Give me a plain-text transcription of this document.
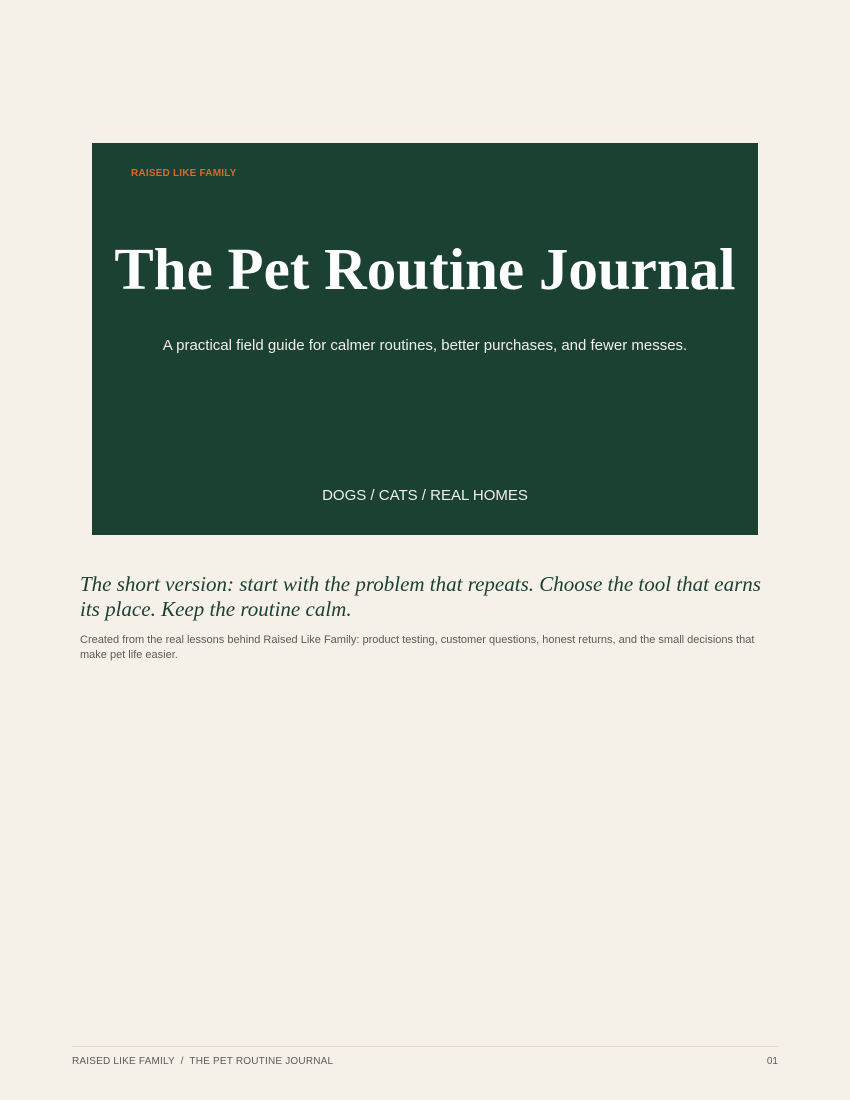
RAISED LIKE FAMILY
The Pet Routine Journal
A practical field guide for calmer routines, better purchases, and fewer messes.
DOGS / CATS / REAL HOMES

The short version: start with the problem that repeats. Choose the tool that earns its place. Keep the routine calm.

Created from the real lessons behind Raised Like Family: product testing, customer questions, honest returns, and the small decisions that make pet life easier.

RAISED LIKE FAMILY  /  THE PET ROUTINE JOURNAL	01
